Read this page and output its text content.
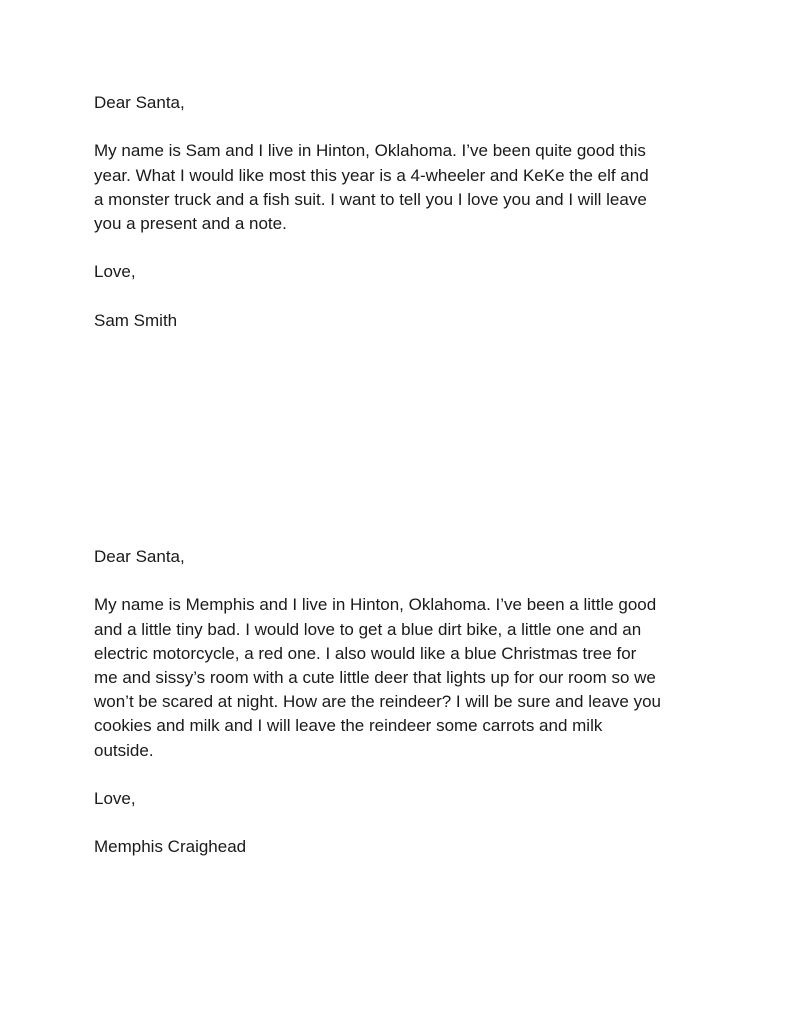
Dear Santa,

My name is Sam and I live in Hinton, Oklahoma. I’ve been quite good this
year. What I would like most this year is a 4-wheeler and KeKe the elf and
a monster truck and a fish suit. I want to tell you I love you and I will leave
you a present and a note.

Love,

Sam Smith

Dear Santa,

My name is Memphis and I live in Hinton, Oklahoma. I’ve been a little good
and a little tiny bad. I would love to get a blue dirt bike, a little one and an
electric motorcycle, a red one. I also would like a blue Christmas tree for
me and sissy’s room with a cute little deer that lights up for our room so we
won’t be scared at night. How are the reindeer? I will be sure and leave you
cookies and milk and I will leave the reindeer some carrots and milk
outside.

Love,

Memphis Craighead
